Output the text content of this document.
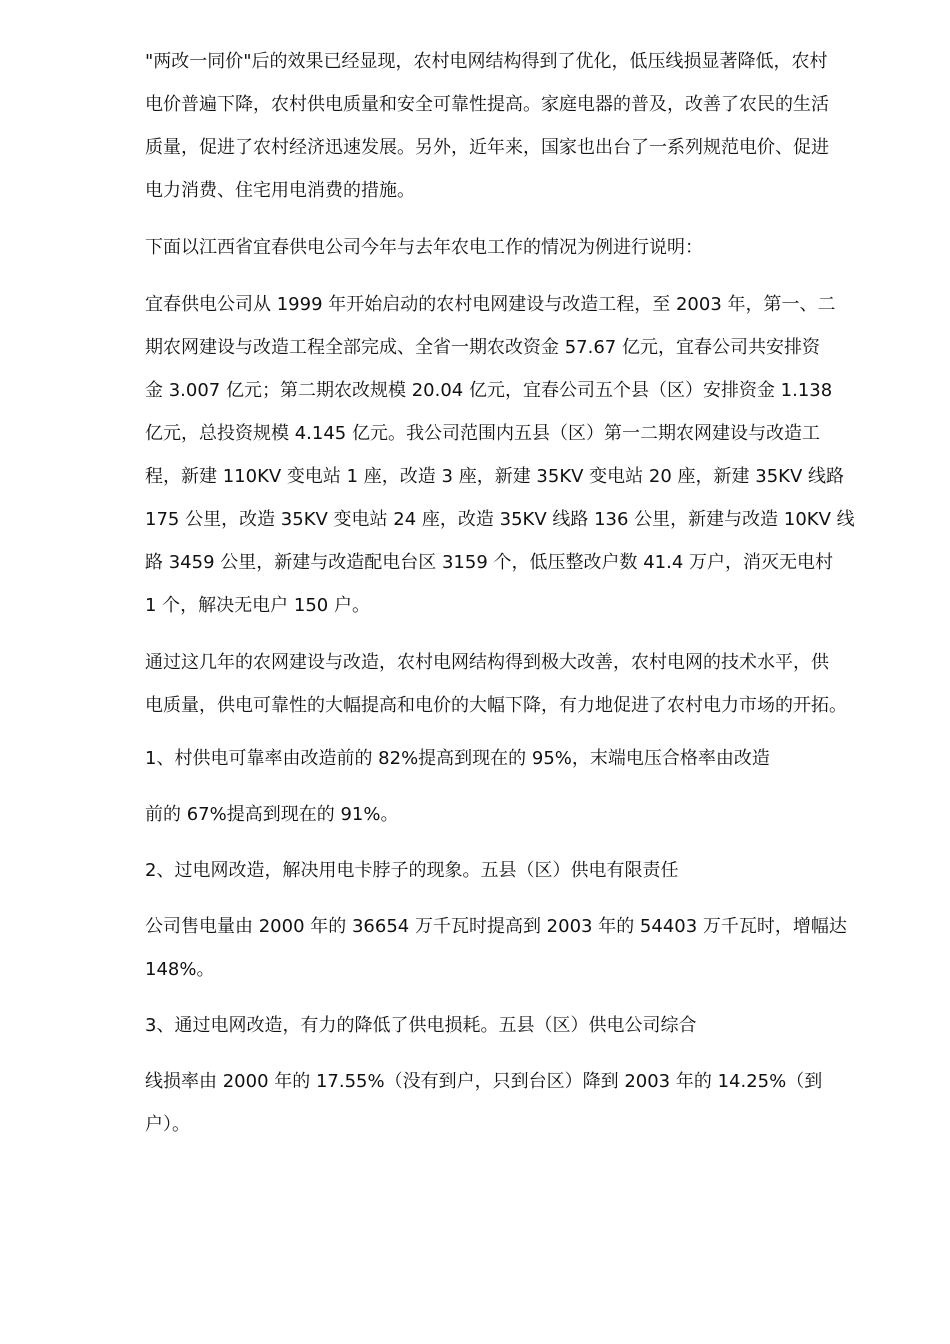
"两改一同价"后的效果已经显现，农村电网结构得到了优化，低压线损显著降低，农村
电价普遍下降，农村供电质量和安全可靠性提高。家庭电器的普及，改善了农民的生活
质量，促进了农村经济迅速发展。另外，近年来，国家也出台了一系列规范电价、促进
电力消费、住宅用电消费的措施。
下面以江西省宜春供电公司今年与去年农电工作的情况为例进行说明：
宜春供电公司从 1999 年开始启动的农村电网建设与改造工程，至 2003 年，第一、二
期农网建设与改造工程全部完成、全省一期农改资金 57.67 亿元，宜春公司共安排资
金 3.007 亿元；第二期农改规模 20.04 亿元，宜春公司五个县（区）安排资金 1.138
亿元，总投资规模 4.145 亿元。我公司范围内五县（区）第一二期农网建设与改造工
程，新建 110KV 变电站 1 座，改造 3 座，新建 35KV 变电站 20 座，新建 35KV 线路
175 公里，改造 35KV 变电站 24 座，改造 35KV 线路 136 公里，新建与改造 10KV 线
路 3459 公里，新建与改造配电台区 3159 个，低压整改户数 41.4 万户，消灭无电村
1 个，解决无电户 150 户。
通过这几年的农网建设与改造，农村电网结构得到极大改善，农村电网的技术水平，供
电质量，供电可靠性的大幅提高和电价的大幅下降，有力地促进了农村电力市场的开拓。
1、村供电可靠率由改造前的 82%提高到现在的 95%，末端电压合格率由改造
前的 67%提高到现在的 91%。
2、过电网改造，解决用电卡脖子的现象。五县（区）供电有限责任
公司售电量由 2000 年的 36654 万千瓦时提高到 2003 年的 54403 万千瓦时，增幅达
148%。
3、通过电网改造，有力的降低了供电损耗。五县（区）供电公司综合
线损率由 2000 年的 17.55%（没有到户，只到台区）降到 2003 年的 14.25%（到
户）。
